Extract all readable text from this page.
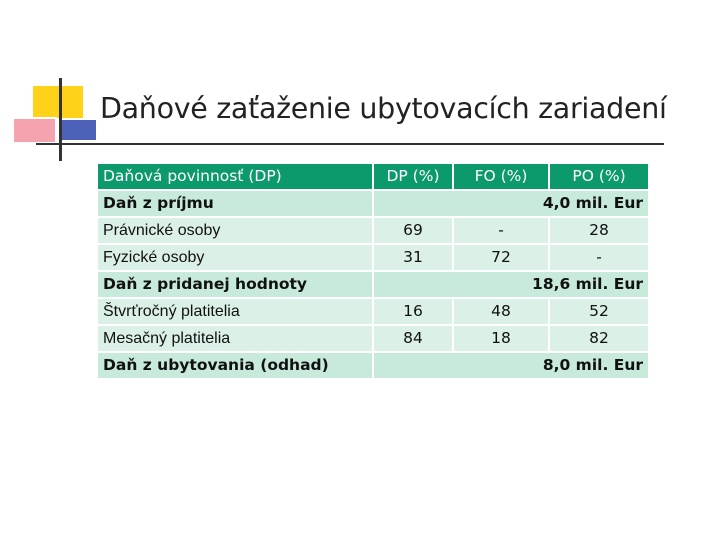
Daňové zaťaženie ubytovacích zariadení
Daňová povinnosť (DP)	DP (%)	FO (%)	PO (%)
Daň z príjmu	4,0 mil. Eur		
Právnické osoby	69	-	28
Fyzické osoby	31	72	-
Daň z pridanej hodnoty	18,6 mil. Eur		
Štvrťročný platitelia	16	48	52
Mesačný platitelia	84	18	82
Daň z ubytovania (odhad)	8,0 mil. Eur		
